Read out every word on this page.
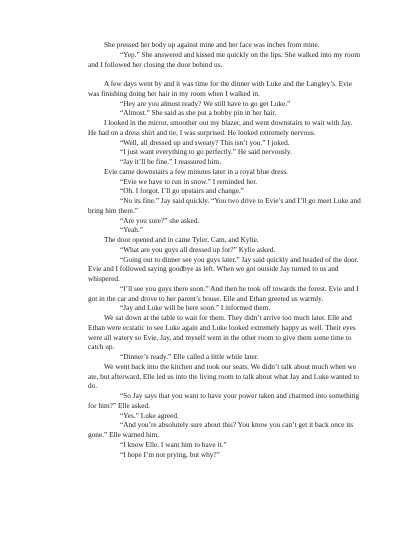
She pressed her body up against mine and her face was inches from mine.

“Yep.” She answered and kissed me quickly on the lips. She walked into my room and I followed her closing the door behind us.

A few days went by and it was time for the dinner with Luke and the Langley’s. Evie was finishing doing her hair in my room when I walked in.

“Hey are you almost ready? We still have to go get Luke.”

“Almost.” She said as she put a bobby pin in her hair.

I looked in the mirror, smoother out my blazer, and went downstairs to wait with Jay. He had on a dress shirt and tie, I was surprised. He looked extremely nervous.

“Well, all dressed up and sweaty? This isn’t you.” I joked.

“I just want everything to go perfectly.” He said nervously.

“Jay it’ll be fine.” I reassured him.

Evie came downstairs a few minutes later in a royal blue dress.

“Evie we have to run in snow.” I reminded her.

“Oh. I forgot. I’ll go upstairs and change.”

“No its fine.” Jay said quickly. “You two drive to Evie’s and I’ll go meet Luke and bring him there.”

“Are you sure?” she asked.

“Yeah.”

The door opened and in came Tyler, Cam, and Kylie.

“What are you guys all dressed up for?” Kylie asked.

“Going out to dinner see you guys later.” Jay said quickly and headed of the door. Evie and I followed saying goodbye as left. When we got outside Jay turned to us and whispered.

“I’ll see you guys there soon.” And then he took off towards the forest. Evie and I got in the car and drove to her parent’s house. Elle and Ethan greeted us warmly.

“Jay and Luke will be here soon.” I informed them.

We sat down at the table to wait for them. They didn’t arrive too much later. Elle and Ethan were ecstatic to see Luke again and Luke looked extremely happy as well. Their eyes were all watery so Evie, Jay, and myself went in the other room to give them some time to catch up.

“Dinner’s ready.” Elle called a little while later.

We went back into the kitchen and took our seats. We didn’t talk about much when we ate, but afterward, Elle led us into the living room to talk about what Jay and Luke wanted to do.

“So Jay says that you want to have your power taken and charmed into something for him?” Elle asked.

“Yes.” Luke agreed.

“And you’re absolutely sure about this? You know you can’t get it back once its gone.” Elle warned him.

“I know Elle. I want him to have it.”

“I hope I’m not prying, but why?”
